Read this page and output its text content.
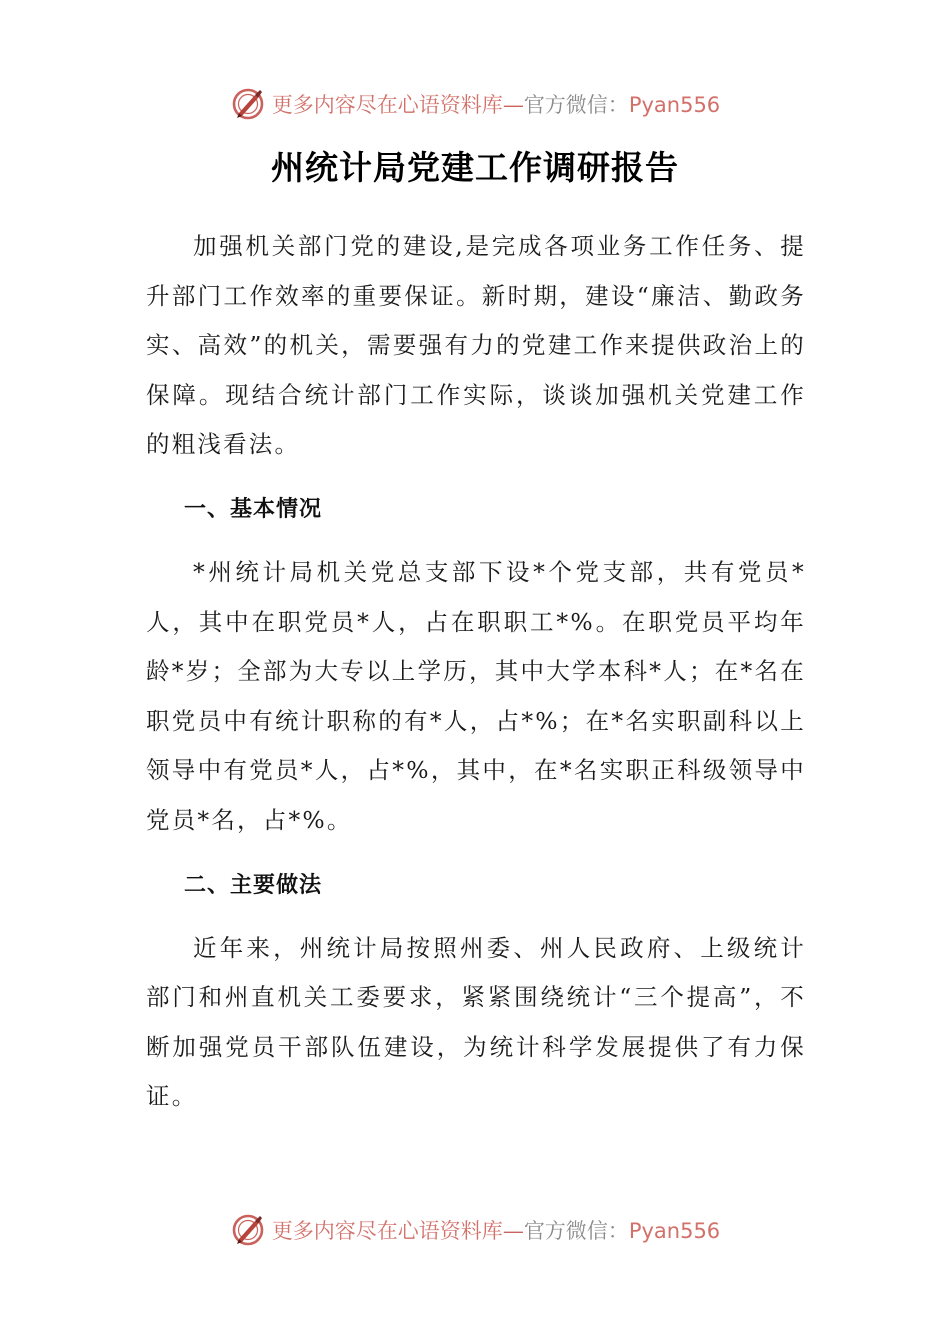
更多内容尽在心语资料库—官方微信：Pyan556
州统计局党建工作调研报告

加强机关部门党的建设,是完成各项业务工作任务、提升部门工作效率的重要保证。新时期，建设“廉洁、勤政务实、高效”的机关，需要强有力的党建工作来提供政治上的保障。现结合统计部门工作实际，谈谈加强机关党建工作的粗浅看法。

一、基本情况

*州统计局机关党总支部下设*个党支部，共有党员*人，其中在职党员*人，占在职职工*%。在职党员平均年龄*岁；全部为大专以上学历，其中大学本科*人；在*名在职党员中有统计职称的有*人，占*%；在*名实职副科以上领导中有党员*人，占*%，其中，在*名实职正科级领导中党员*名，占*%。

二、主要做法

近年来，州统计局按照州委、州人民政府、上级统计部门和州直机关工委要求，紧紧围绕统计“三个提高”，不断加强党员干部队伍建设，为统计科学发展提供了有力保证。

更多内容尽在心语资料库—官方微信：Pyan556
